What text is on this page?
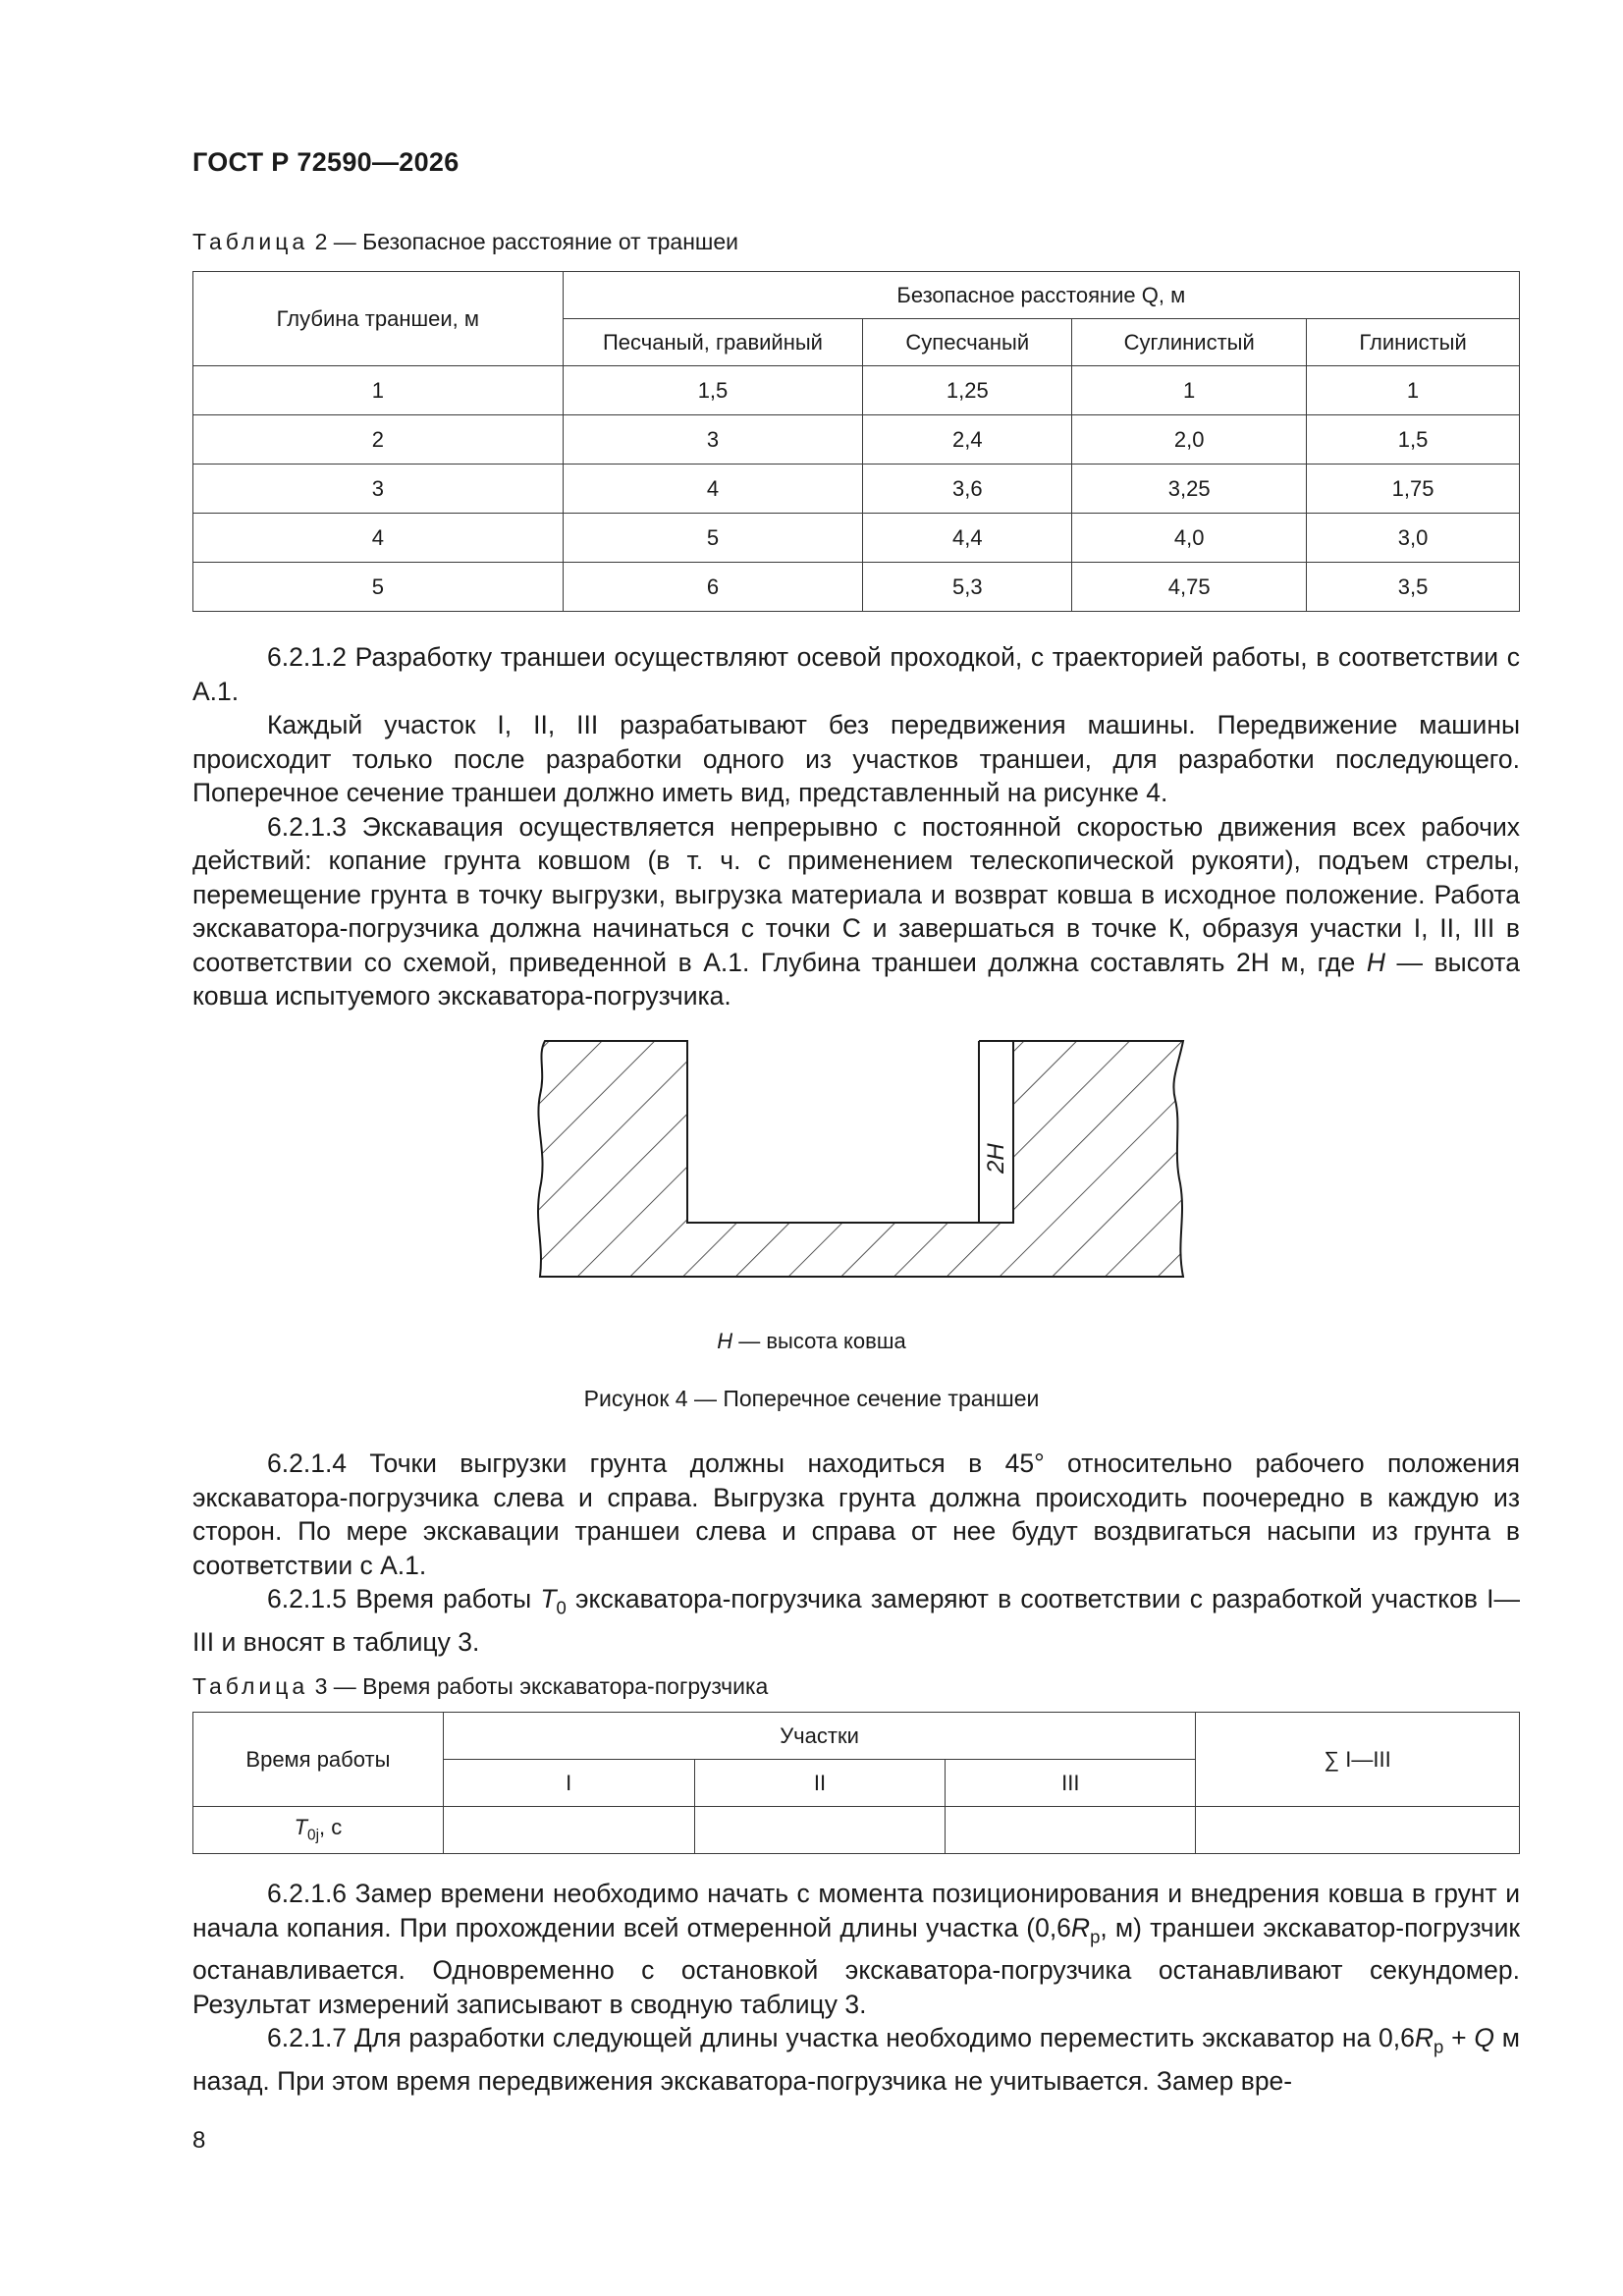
ГОСТ Р 72590—2026
Таблица 2 — Безопасное расстояние от траншеи
Глубина траншеи, м	Безопасное расстояние Q, м			
	Песчаный, гравийный	Супесчаный	Суглинистый	Глинистый
1	1,5	1,25	1	1
2	3	2,4	2,0	1,5
3	4	3,6	3,25	1,75
4	5	4,4	4,0	3,0
5	6	5,3	4,75	3,5

6.2.1.2 Разработку траншеи осуществляют осевой проходкой, с траекторией работы, в соответствии с А.1.

Каждый участок I, II, III разрабатывают без передвижения машины. Передвижение машины происходит только после разработки одного из участков траншеи, для разработки последующего. Поперечное сечение траншеи должно иметь вид, представленный на рисунке 4.

6.2.1.3 Экскавация осуществляется непрерывно с постоянной скоростью движения всех рабочих действий: копание грунта ковшом (в т. ч. с применением телескопической рукояти), подъем стрелы, перемещение грунта в точку выгрузки, выгрузка материала и возврат ковша в исходное положение. Работа экскаватора-погрузчика должна начинаться с точки С и завершаться в точке К, образуя участки I, II, III в соответствии со схемой, приведенной в А.1. Глубина траншеи должна составлять 2Н м, где Н — высота ковша испытуемого экскаватора-погрузчика.

2H
H — высота ковша
Рисунок 4 — Поперечное сечение траншеи

6.2.1.4 Точки выгрузки грунта должны находиться в 45° относительно рабочего положения экскаватора-погрузчика слева и справа. Выгрузка грунта должна происходить поочередно в каждую из сторон. По мере экскавации траншеи слева и справа от нее будут воздвигаться насыпи из грунта в соответствии с А.1.

6.2.1.5 Время работы $T_0$ экскаватора-погрузчика замеряют в соответствии с разработкой участков I—III и вносят в таблицу 3.

Таблица 3 — Время работы экскаватора-погрузчика
Время работы	Участки			∑ I—III
	I	II	III	
$T_{0j}$, с				

6.2.1.6 Замер времени необходимо начать с момента позиционирования и внедрения ковша в грунт и начала копания. При прохождении всей отмеренной длины участка ($0,6R_р$, м) траншеи экскаватор-погрузчик останавливается. Одновременно с остановкой экскаватора-погрузчика останавливают секундомер. Результат измерений записывают в сводную таблицу 3.

6.2.1.7 Для разработки следующей длины участка необходимо переместить экскаватор на $0,6R_р + Q$ м назад. При этом время передвижения экскаватора-погрузчика не учитывается. Замер вре-

8
